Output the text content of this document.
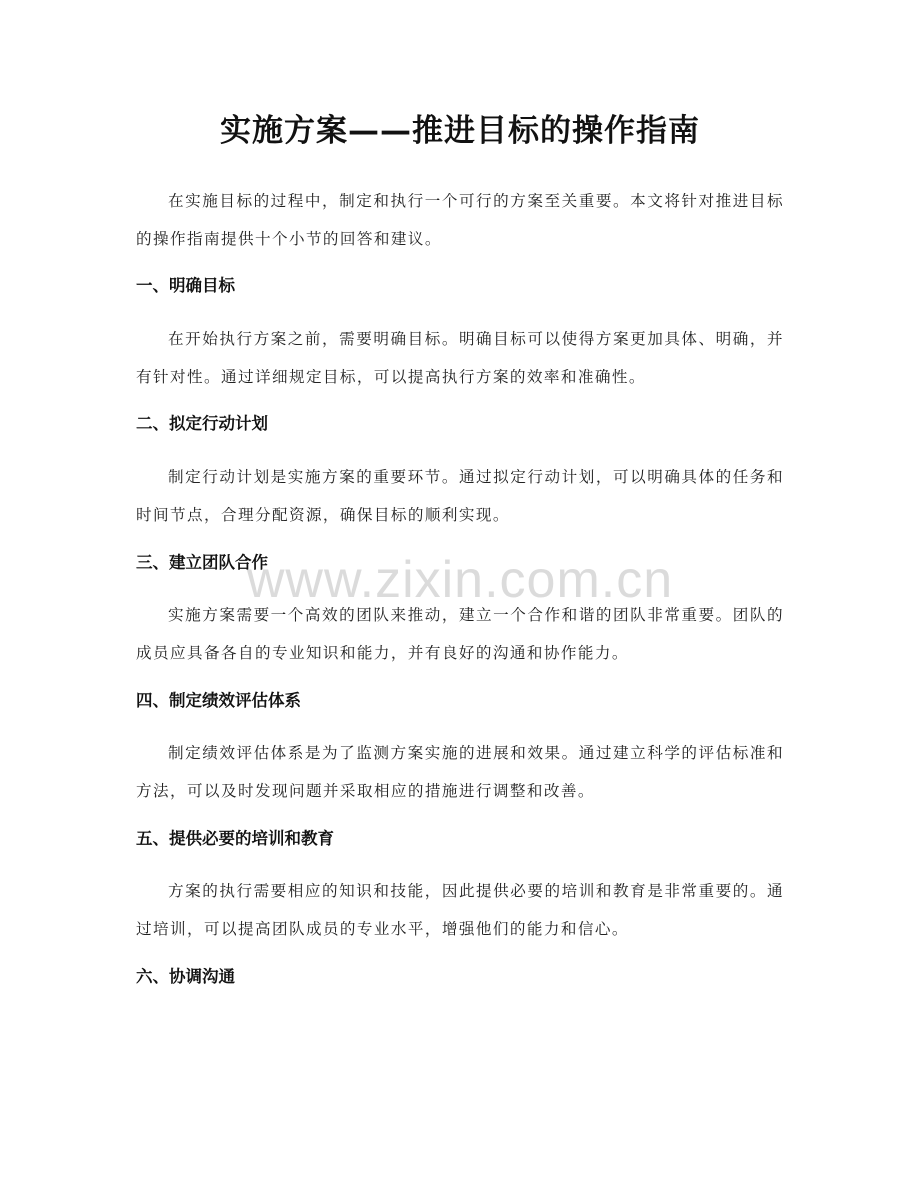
实施方案——推进目标的操作指南

在实施目标的过程中，制定和执行一个可行的方案至关重要。本文将针对推进目标的操作指南提供十个小节的回答和建议。

一、明确目标

在开始执行方案之前，需要明确目标。明确目标可以使得方案更加具体、明确，并有针对性。通过详细规定目标，可以提高执行方案的效率和准确性。

二、拟定行动计划

制定行动计划是实施方案的重要环节。通过拟定行动计划，可以明确具体的任务和时间节点，合理分配资源，确保目标的顺利实现。

三、建立团队合作

实施方案需要一个高效的团队来推动，建立一个合作和谐的团队非常重要。团队的成员应具备各自的专业知识和能力，并有良好的沟通和协作能力。

四、制定绩效评估体系

制定绩效评估体系是为了监测方案实施的进展和效果。通过建立科学的评估标准和方法，可以及时发现问题并采取相应的措施进行调整和改善。

五、提供必要的培训和教育

方案的执行需要相应的知识和技能，因此提供必要的培训和教育是非常重要的。通过培训，可以提高团队成员的专业水平，增强他们的能力和信心。

六、协调沟通
www.zixin.com.cn
